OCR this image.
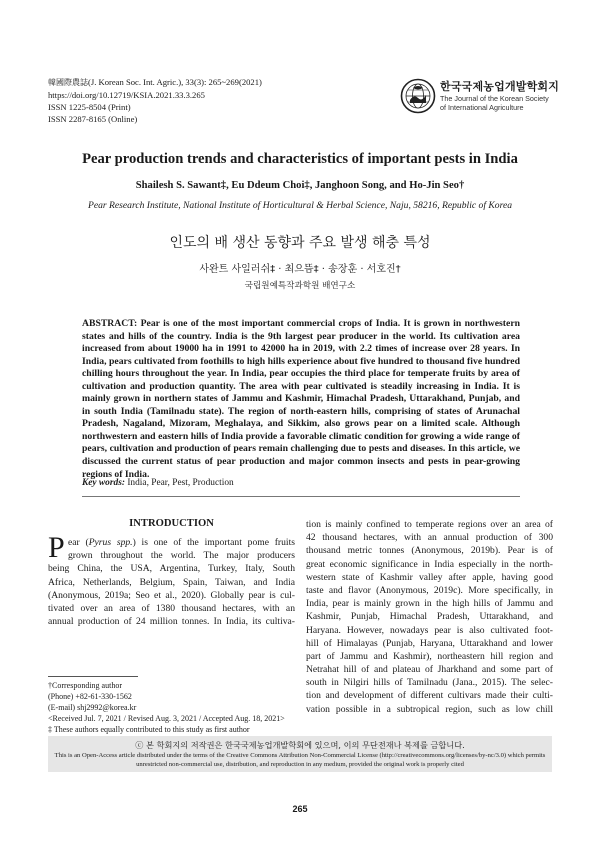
韓國際農誌(J. Korean Soc. Int. Agric.), 33(3): 265~269(2021)
https://doi.org/10.12719/KSIA.2021.33.3.265
ISSN 1225-8504 (Print)
ISSN 2287-8165 (Online)
한국국제농업개발학회지
The Journal of the Korean Society
of International Agriculture
Pear production trends and characteristics of important pests in India
Shailesh S. Sawant‡, Eu Ddeum Choi‡, Janghoon Song, and Ho-Jin Seo†
Pear Research Institute, National Institute of Horticultural & Herbal Science, Naju, 58216, Republic of Korea
인도의 배 생산 동향과 주요 발생 해충 특성
사완트 사일러쉬‡ · 최으뜸‡ · 송장훈 · 서호진†
국립원예특작과학원 배연구소
ABSTRACT: Pear is one of the most important commercial crops of India. It is grown in northwestern states and hills of the country. India is the 9th largest pear producer in the world. Its cultivation area increased from about 19000 ha in 1991 to 42000 ha in 2019, with 2.2 times of increase over 28 years. In India, pears cultivated from foothills to high hills experience about five hundred to thousand five hundred chilling hours throughout the year. In India, pear occupies the third place for temperate fruits by area of cultivation and production quantity. The area with pear cultivated is steadily increasing in India. It is mainly grown in northern states of Jammu and Kashmir, Himachal Pradesh, Uttarakhand, Punjab, and in south India (Tamilnadu state). The region of north-eastern hills, comprising of states of Arunachal Pradesh, Nagaland, Mizoram, Meghalaya, and Sikkim, also grows pear on a limited scale. Although northwestern and eastern hills of India provide a favorable climatic condition for growing a wide range of pears, cultivation and production of pears remain challenging due to pests and diseases. In this article, we discussed the current status of pear production and major common insects and pests in pear-growing regions of India.
Key words: India, Pear, Pest, Production
INTRODUCTION
P ear (Pyrus spp.) is one of the important pome fruits
grown throughout the world. The major producers
being China, the USA, Argentina, Turkey, Italy, South
Africa, Netherlands, Belgium, Spain, Taiwan, and India
(Anonymous, 2019a; Seo et al., 2020). Globally pear is cul-
tivated over an area of 1380 thousand hectares, with an
annual production of 24 million tonnes. In India, its cultiva-
tion is mainly confined to temperate regions over an area of
42 thousand hectares, with an annual production of 300
thousand metric tonnes (Anonymous, 2019b). Pear is of
great economic significance in India especially in the north-
western state of Kashmir valley after apple, having good
taste and flavor (Anonymous, 2019c). More specifically, in
India, pear is mainly grown in the high hills of Jammu and
Kashmir, Punjab, Himachal Pradesh, Uttarakhand, and
Haryana. However, nowadays pear is also cultivated foot-
hill of Himalayas (Punjab, Haryana, Uttarakhand and lower
part of Jammu and Kashmir), northeastern hill region and
Netrahat hill of and plateau of Jharkhand and some part of
south in Nilgiri hills of Tamilnadu (Jana., 2015). The selec-
tion and development of different cultivars made their culti-
vation possible in a subtropical region, such as low chill
†Corresponding author
(Phone) +82-61-330-1562
(E-mail) shj2992@korea.kr
<Received Jul. 7, 2021 / Revised Aug. 3, 2021 / Accepted Aug. 18, 2021>
‡ These authors equally contributed to this study as first author
ⓒ 본 학회지의 저작권은 한국국제농업개발학회에 있으며, 이의 무단전재나 복제를 금합니다.
This is an Open-Access article distributed under the terms of the Creative Commons Attribution Non-Commercial License (http://creativecommons.org/licenses/by-nc/3.0) which permits unrestricted non-commercial use, distribution, and reproduction in any medium, provided the original work is properly cited
265
